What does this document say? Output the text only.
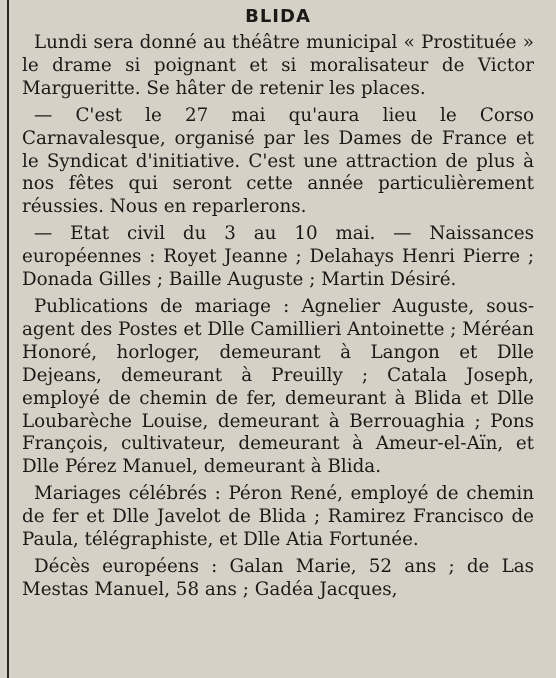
BLIDA

Lundi sera donné au théâtre municipal « Prostituée » le drame si poignant et si moralisateur de Victor Margueritte. Se hâter de retenir les places.

— C'est le 27 mai qu'aura lieu le Corso Carnavalesque, organisé par les Dames de France et le Syndicat d'initiative. C'est une attraction de plus à nos fêtes qui seront cette année particulièrement réussies. Nous en reparlerons.

— Etat civil du 3 au 10 mai. — Naissances européennes : Royet Jeanne ; Delahays Henri Pierre ; Donada Gilles ; Baille Auguste ; Martin Désiré.

Publications de mariage : Agnelier Auguste, sous-agent des Postes et Dlle Camillieri Antoinette ; Méréan Honoré, horloger, demeurant à Langon et Dlle Dejeans, demeurant à Preuilly ; Catala Joseph, employé de chemin de fer, demeurant à Blida et Dlle Loubarèche Louise, demeurant à Berrouaghia ; Pons François, cultivateur, demeurant à Ameur-el-Aïn, et Dlle Pérez Manuel, demeurant à Blida.

Mariages célébrés : Péron René, employé de chemin de fer et Dlle Javelot de Blida ; Ramirez Francisco de Paula, télégraphiste, et Dlle Atia Fortunée.

Décès européens : Galan Marie, 52 ans ; de Las Mestas Manuel, 58 ans ; Gadéa Jacques,
